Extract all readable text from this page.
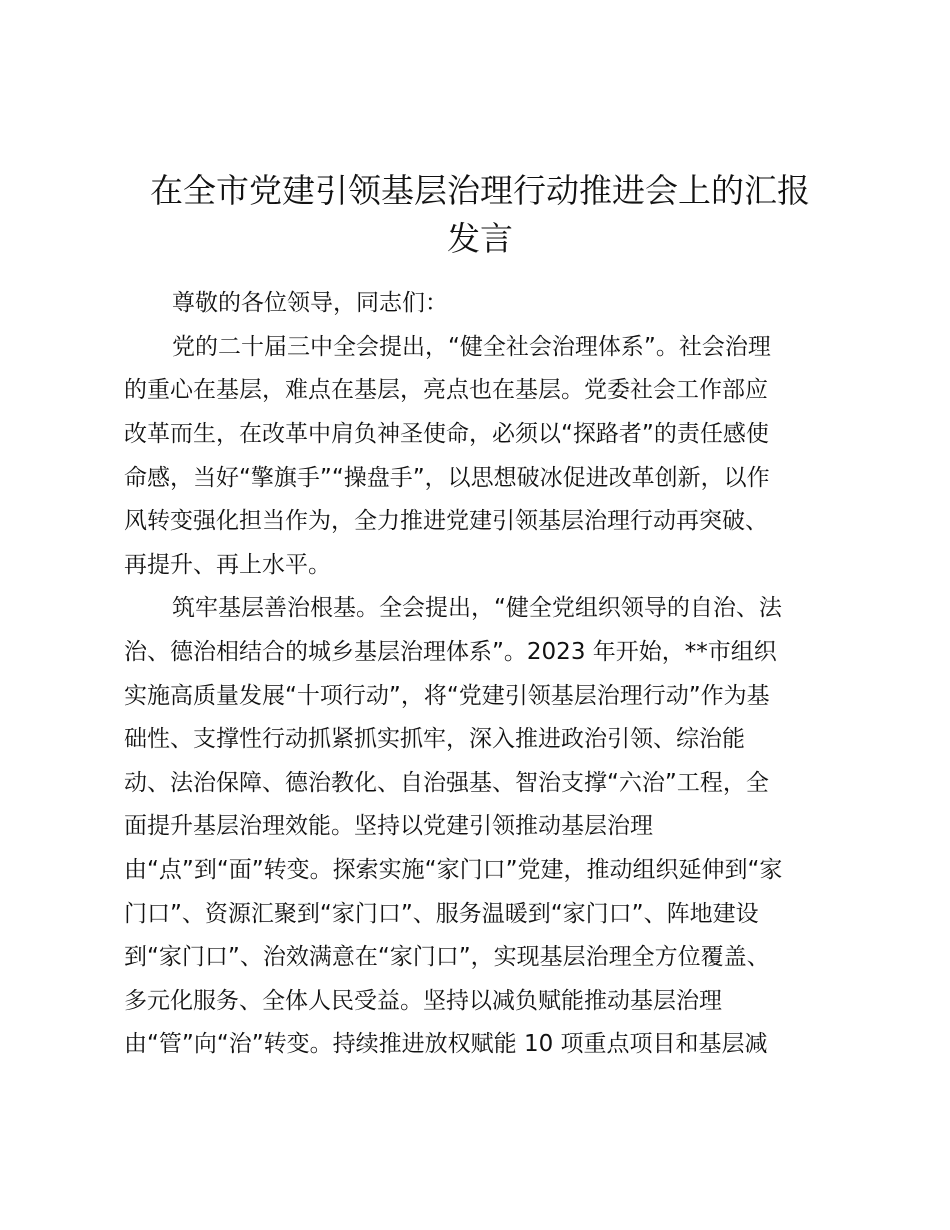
在全市党建引领基层治理行动推进会上的汇报
发言
尊敬的各位领导，同志们：
党的二十届三中全会提出，“健全社会治理体系”。社会治理
的重心在基层，难点在基层，亮点也在基层。党委社会工作部应
改革而生，在改革中肩负神圣使命，必须以“探路者”的责任感使
命感，当好“擎旗手”“操盘手”，以思想破冰促进改革创新，以作
风转变强化担当作为，全力推进党建引领基层治理行动再突破、
再提升、再上水平。
筑牢基层善治根基。全会提出，“健全党组织领导的自治、法
治、德治相结合的城乡基层治理体系”。2023 年开始，**市组织
实施高质量发展“十项行动”，将“党建引领基层治理行动”作为基
础性、支撑性行动抓紧抓实抓牢，深入推进政治引领、综治能
动、法治保障、德治教化、自治强基、智治支撑“六治”工程，全
面提升基层治理效能。坚持以党建引领推动基层治理
由“点”到“面”转变。探索实施“家门口”党建，推动组织延伸到“家
门口”、资源汇聚到“家门口”、服务温暖到“家门口”、阵地建设
到“家门口”、治效满意在“家门口”，实现基层治理全方位覆盖、
多元化服务、全体人民受益。坚持以减负赋能推动基层治理
由“管”向“治”转变。持续推进放权赋能 10 项重点项目和基层减
